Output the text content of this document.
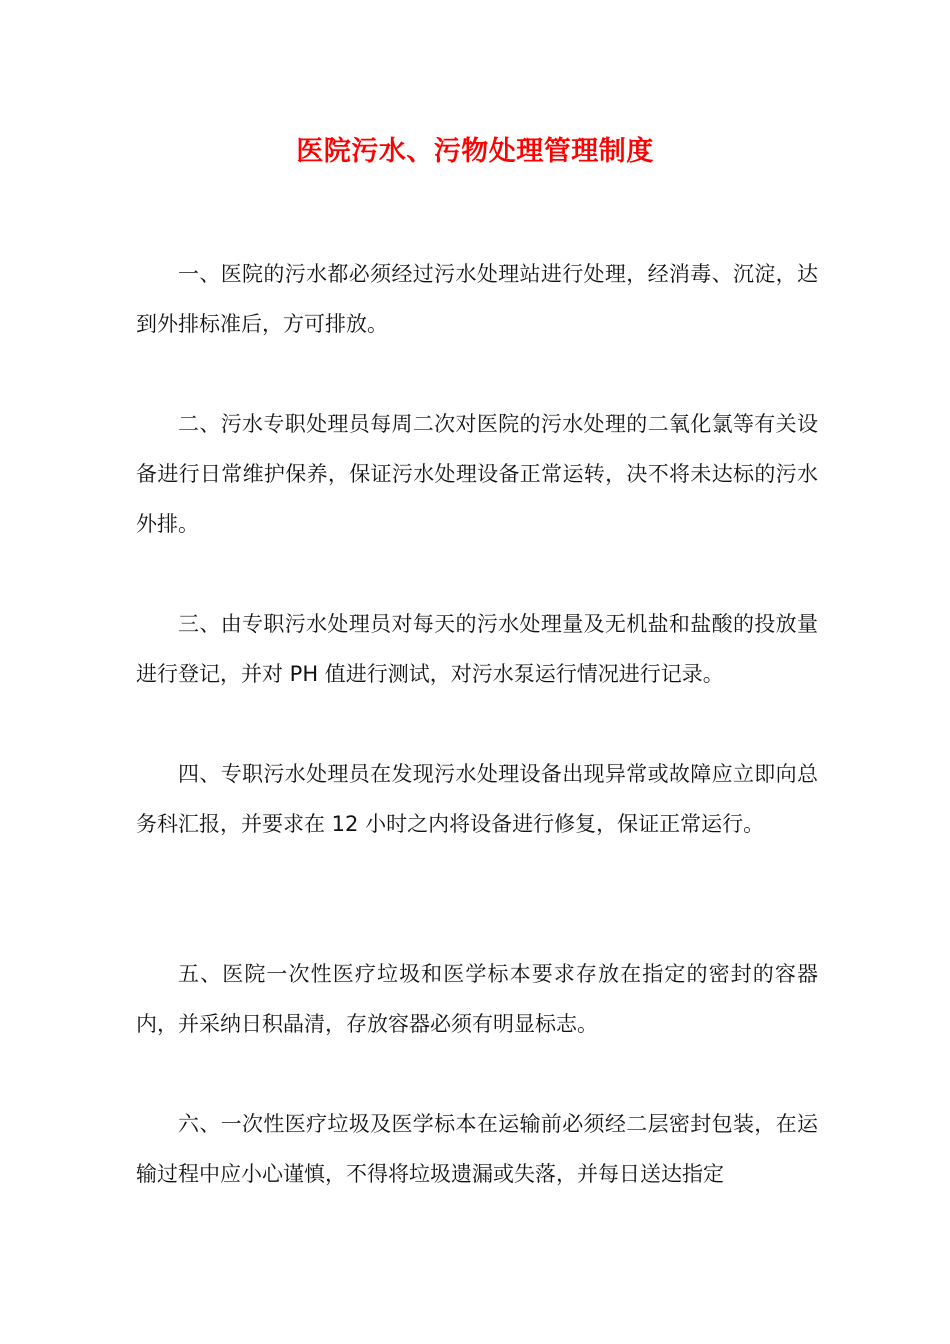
医院污水、污物处理管理制度

一、医院的污水都必须经过污水处理站进行处理，经消毒、沉淀，达到外排标准后，方可排放。

二、污水专职处理员每周二次对医院的污水处理的二氧化氯等有关设备进行日常维护保养，保证污水处理设备正常运转，决不将未达标的污水外排。

三、由专职污水处理员对每天的污水处理量及无机盐和盐酸的投放量进行登记，并对 PH 值进行测试，对污水泵运行情况进行记录。

四、专职污水处理员在发现污水处理设备出现异常或故障应立即向总务科汇报，并要求在 12 小时之内将设备进行修复，保证正常运行。

五、医院一次性医疗垃圾和医学标本要求存放在指定的密封的容器内，并采纳日积晶清，存放容器必须有明显标志。

六、一次性医疗垃圾及医学标本在运输前必须经二层密封包装，在运输过程中应小心谨慎，不得将垃圾遗漏或失落，并每日送达指定
